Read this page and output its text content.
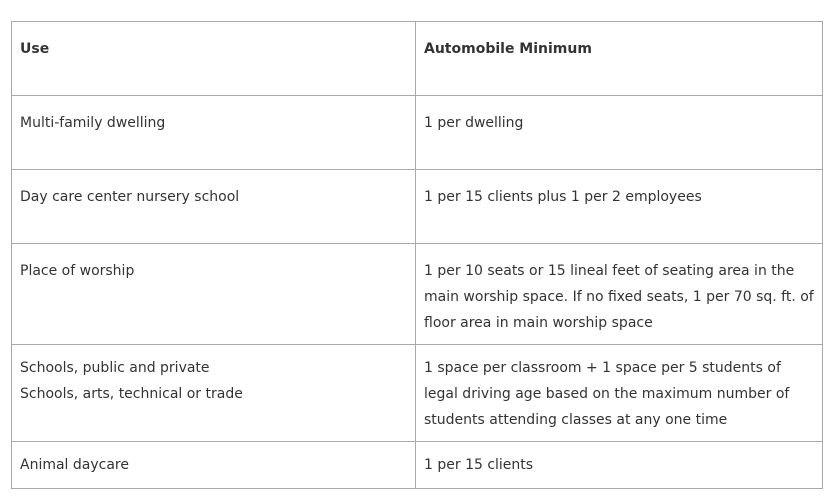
Use	Automobile Minimum

Multi-family dwelling	1 per dwelling

Day care center nursery school	1 per 15 clients plus 1 per 2 employees

Place of worship	1 per 10 seats or 15 lineal feet of seating area in the main worship space. If no fixed seats, 1 per 70 sq. ft. of floor area in main worship space

Schools, public and private
Schools, arts, technical or trade	1 space per classroom + 1 space per 5 students of legal driving age based on the maximum number of students attending classes at any one time

Animal daycare	1 per 15 clients
